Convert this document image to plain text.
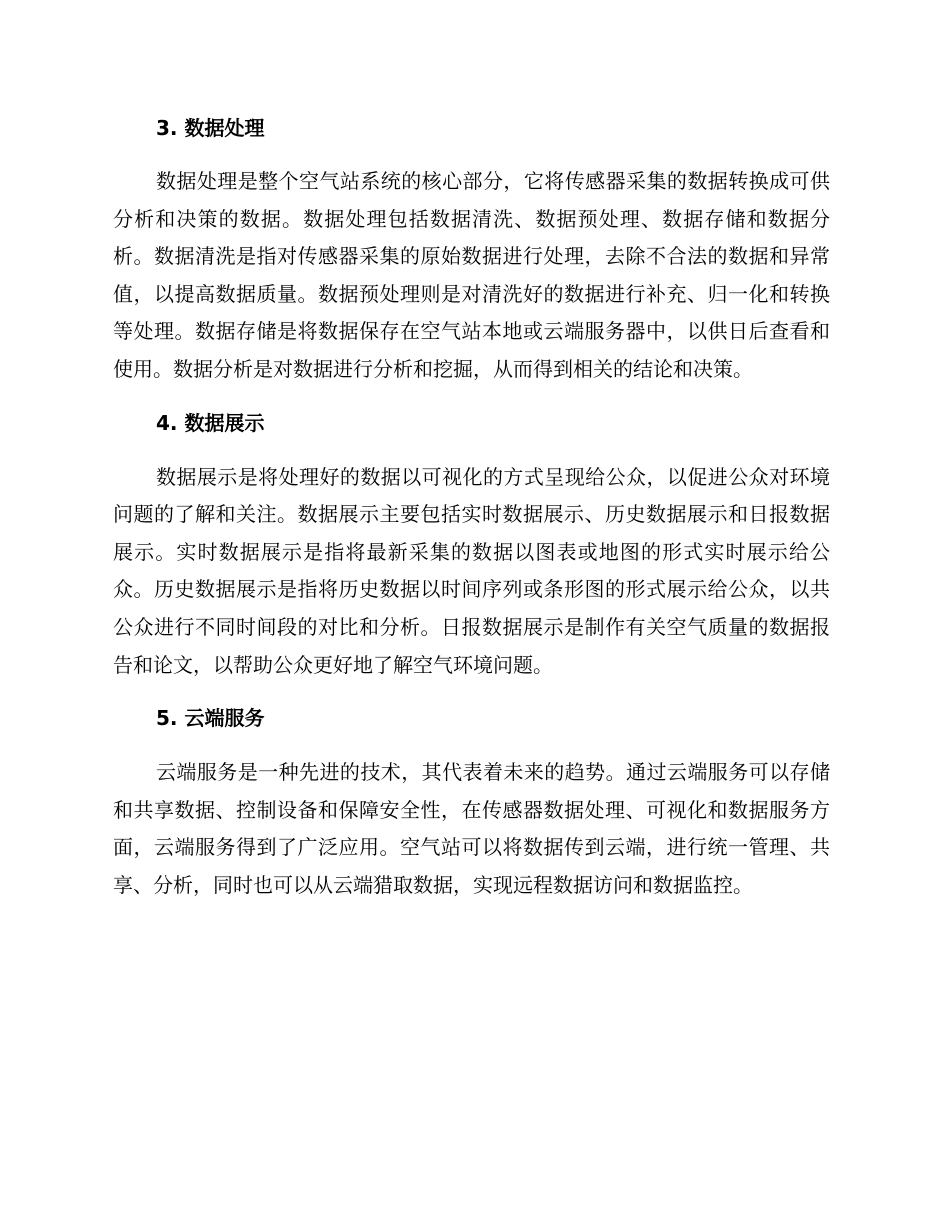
3. 数据处理

数据处理是整个空气站系统的核心部分，它将传感器采集的数据转换成可供分析和决策的数据。数据处理包括数据清洗、数据预处理、数据存储和数据分析。数据清洗是指对传感器采集的原始数据进行处理，去除不合法的数据和异常值，以提高数据质量。数据预处理则是对清洗好的数据进行补充、归一化和转换等处理。数据存储是将数据保存在空气站本地或云端服务器中，以供日后查看和使用。数据分析是对数据进行分析和挖掘，从而得到相关的结论和决策。

4. 数据展示

数据展示是将处理好的数据以可视化的方式呈现给公众，以促进公众对环境问题的了解和关注。数据展示主要包括实时数据展示、历史数据展示和日报数据展示。实时数据展示是指将最新采集的数据以图表或地图的形式实时展示给公众。历史数据展示是指将历史数据以时间序列或条形图的形式展示给公众，以共公众进行不同时间段的对比和分析。日报数据展示是制作有关空气质量的数据报告和论文，以帮助公众更好地了解空气环境问题。

5. 云端服务

云端服务是一种先进的技术，其代表着未来的趋势。通过云端服务可以存储和共享数据、控制设备和保障安全性，在传感器数据处理、可视化和数据服务方面，云端服务得到了广泛应用。空气站可以将数据传到云端，进行统一管理、共享、分析，同时也可以从云端猎取数据，实现远程数据访问和数据监控。
